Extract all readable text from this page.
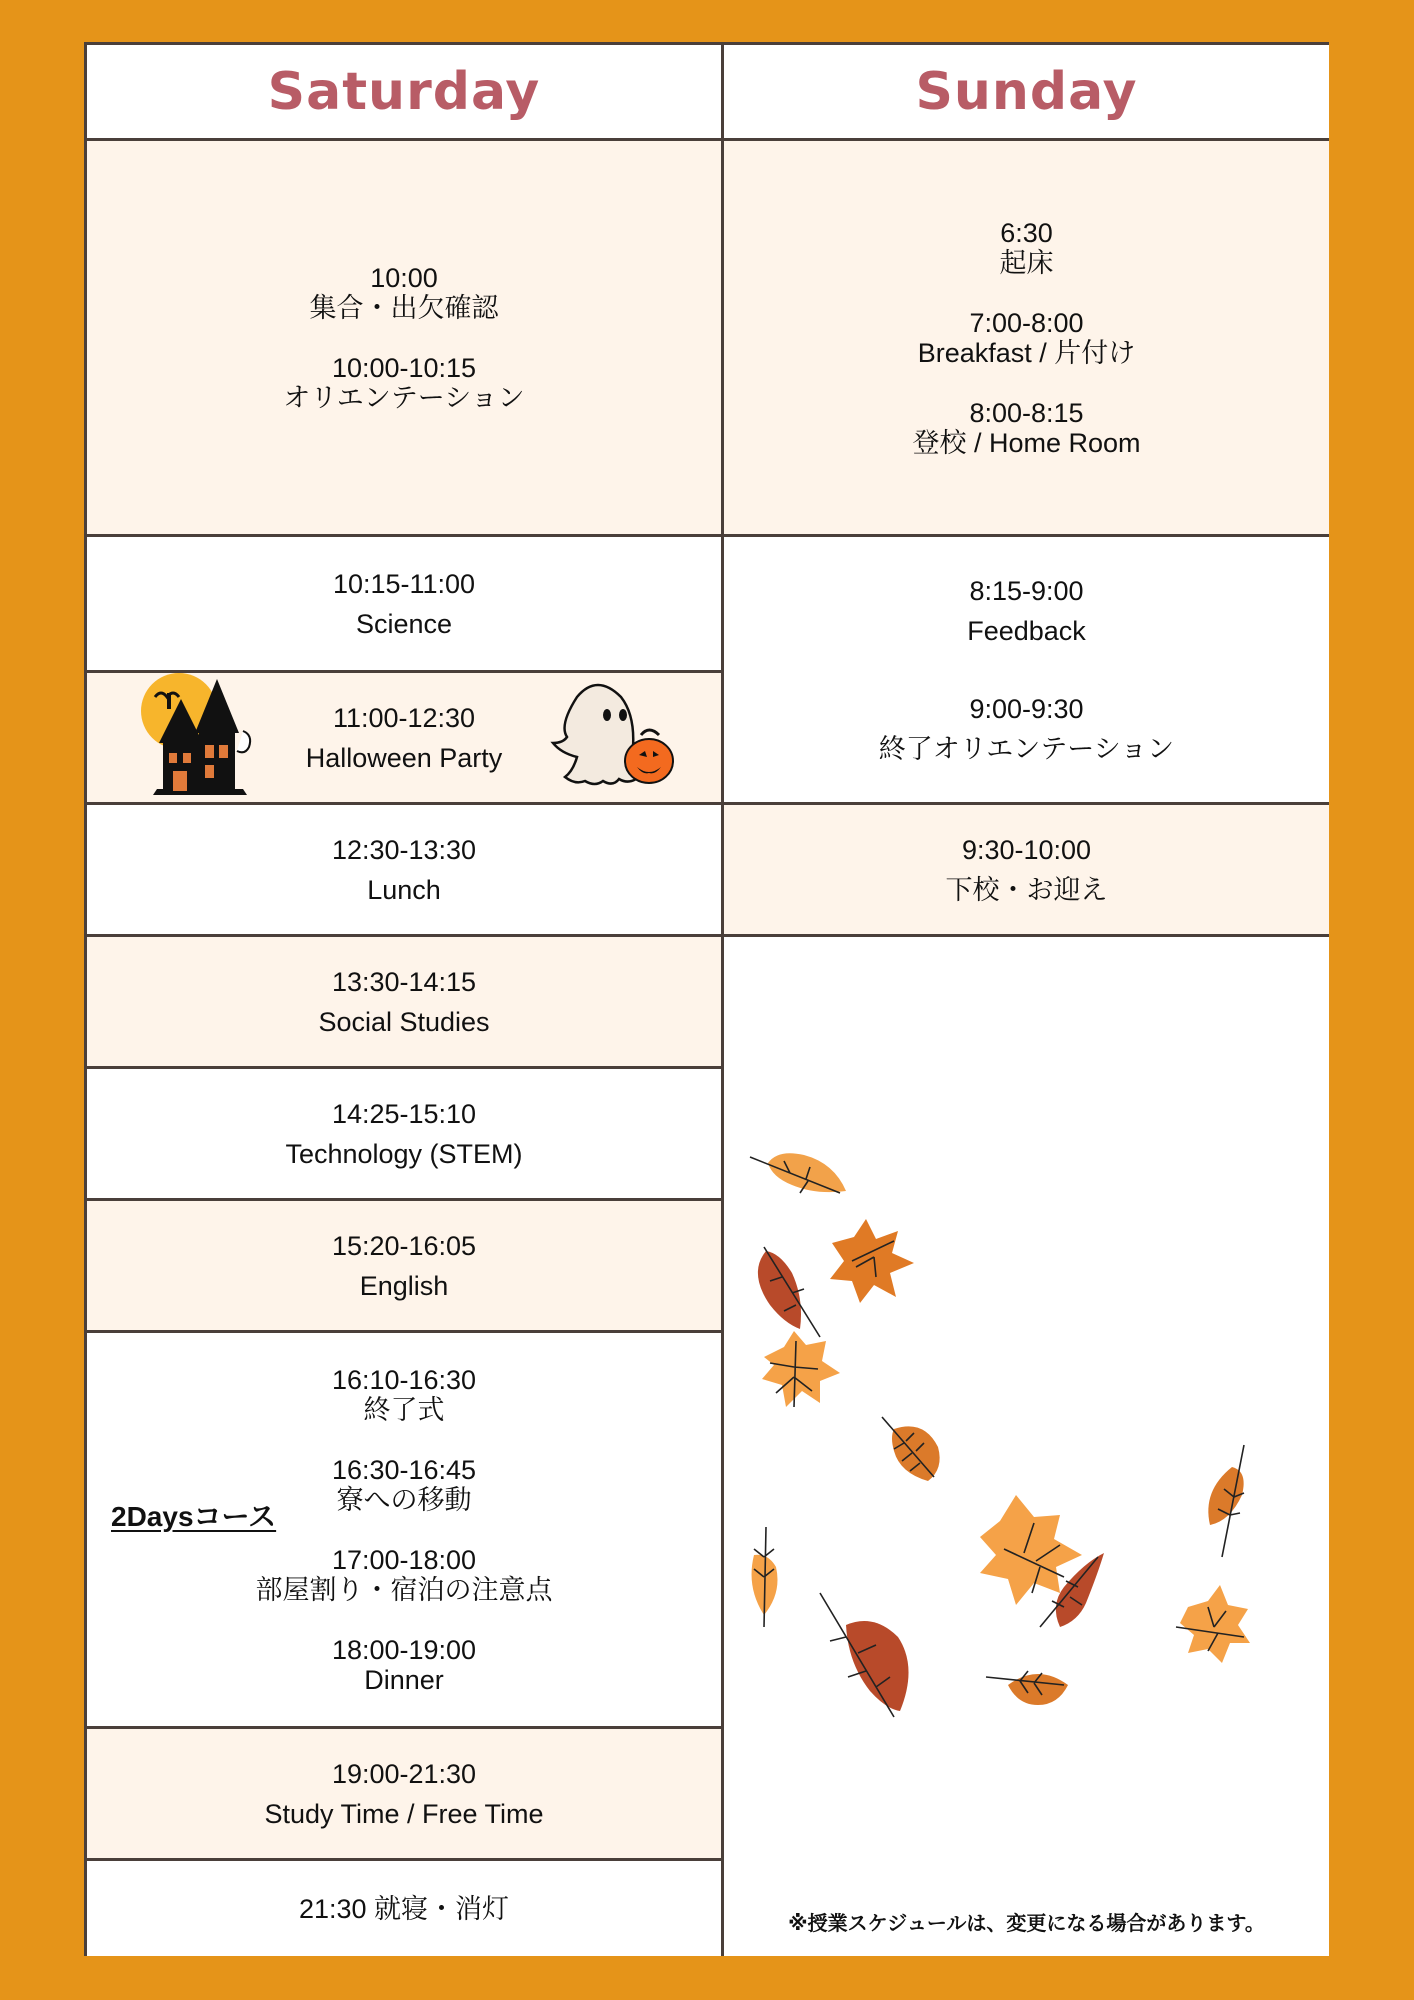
Saturday	Sunday
10:00
集合・出欠確認
10:00-10:15
オリエンテーション
10:15-11:00
Science
11:00-12:30
Halloween Party
12:30-13:30
Lunch
13:30-14:15
Social Studies
14:25-15:10
Technology (STEM)
15:20-16:05
English
16:10-16:30
終了式
16:30-16:45
寮への移動
17:00-18:00
部屋割り・宿泊の注意点
18:00-19:00
Dinner
2Daysコース
19:00-21:30
Study Time / Free Time
21:30 就寝・消灯
6:30
起床
7:00-8:00
Breakfast / 片付け
8:00-8:15
登校 / Home Room
8:15-9:00
Feedback
9:00-9:30
終了オリエンテーション
9:30-10:00
下校・お迎え
※授業スケジュールは、変更になる場合があります。
